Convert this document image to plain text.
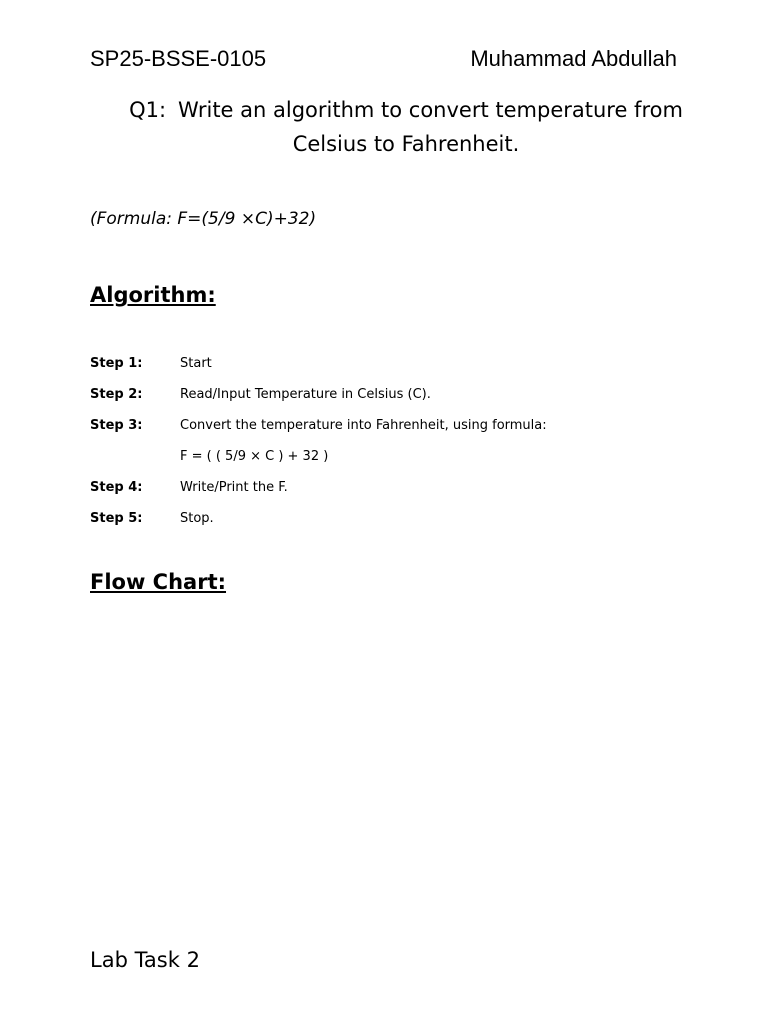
SP25-BSSE-0105	Muhammad Abdullah
Q1: Write an algorithm to convert temperature from
Celsius to Fahrenheit.
(Formula: F=(5/9 ×C)+32)
Algorithm:
Step 1:	Start
Step 2:	Read/Input Temperature in Celsius (C).
Step 3:	Convert the temperature into Fahrenheit, using formula:
F = ( ( 5/9 × C ) + 32 )
Step 4:	Write/Print the F.
Step 5:	Stop.
Flow Chart:
Lab Task 2
